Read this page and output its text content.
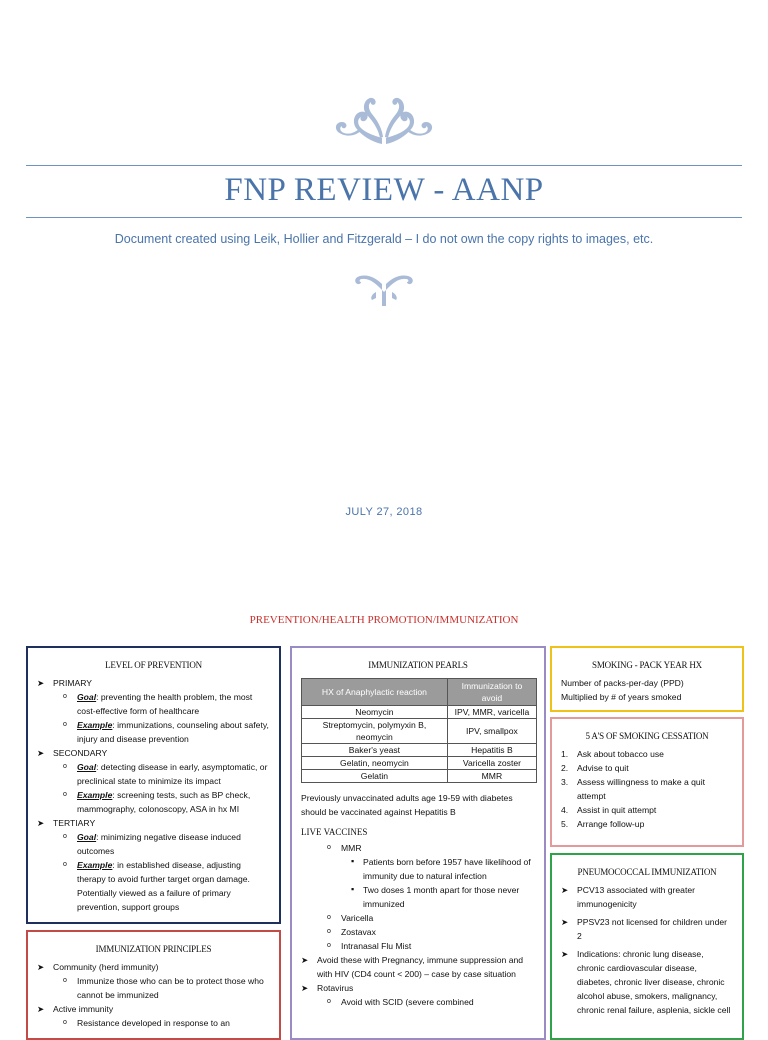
FNP REVIEW - AANP
Document created using Leik, Hollier and Fitzgerald – I do not own the copy rights to images, etc.
JULY 27, 2018
PREVENTION/HEALTH PROMOTION/IMMUNIZATION
LEVEL OF PREVENTION
➤ PRIMARY
o Goal: preventing the health problem, the most cost-effective form of healthcare
o Example: immunizations, counseling about safety, injury and disease prevention
➤ SECONDARY
o Goal: detecting disease in early, asymptomatic, or preclinical state to minimize its impact
o Example: screening tests, such as BP check, mammography, colonoscopy, ASA in hx MI
➤ TERTIARY
o Goal: minimizing negative disease induced outcomes
o Example: in established disease, adjusting therapy to avoid further target organ damage. Potentially viewed as a failure of primary prevention, support groups
IMMUNIZATION PRINCIPLES
➤ Community (herd immunity)
o Immunize those who can be to protect those who cannot be immunized
➤ Active immunity
o Resistance developed in response to an
IMMUNIZATION PEARLS
HX of Anaphylactic reaction	Immunization to avoid
Neomycin	IPV, MMR, varicella
Streptomycin, polymyxin B, neomycin	IPV, smallpox
Baker's yeast	Hepatitis B
Gelatin, neomycin	Varicella zoster
Gelatin	MMR
Previously unvaccinated adults age 19-59 with diabetes should be vaccinated against Hepatitis B
LIVE VACCINES
o MMR
▪ Patients born before 1957 have likelihood of immunity due to natural infection
▪ Two doses 1 month apart for those never immunized
o Varicella
o Zostavax
o Intranasal Flu Mist
➤ Avoid these with Pregnancy, immune suppression and with HIV (CD4 count < 200) – case by case situation
➤ Rotavirus
o Avoid with SCID (severe combined
SMOKING - PACK YEAR HX
Number of packs-per-day (PPD)
Multiplied by # of years smoked
5 A'S OF SMOKING CESSATION
1. Ask about tobacco use
2. Advise to quit
3. Assess willingness to make a quit attempt
4. Assist in quit attempt
5. Arrange follow-up
PNEUMOCOCCAL IMMUNIZATION
➤ PCV13 associated with greater immunogenicity
➤ PPSV23 not licensed for children under 2
➤ Indications: chronic lung disease, chronic cardiovascular disease, diabetes, chronic liver disease, chronic alcohol abuse, smokers, malignancy, chronic renal failure, asplenia, sickle cell
